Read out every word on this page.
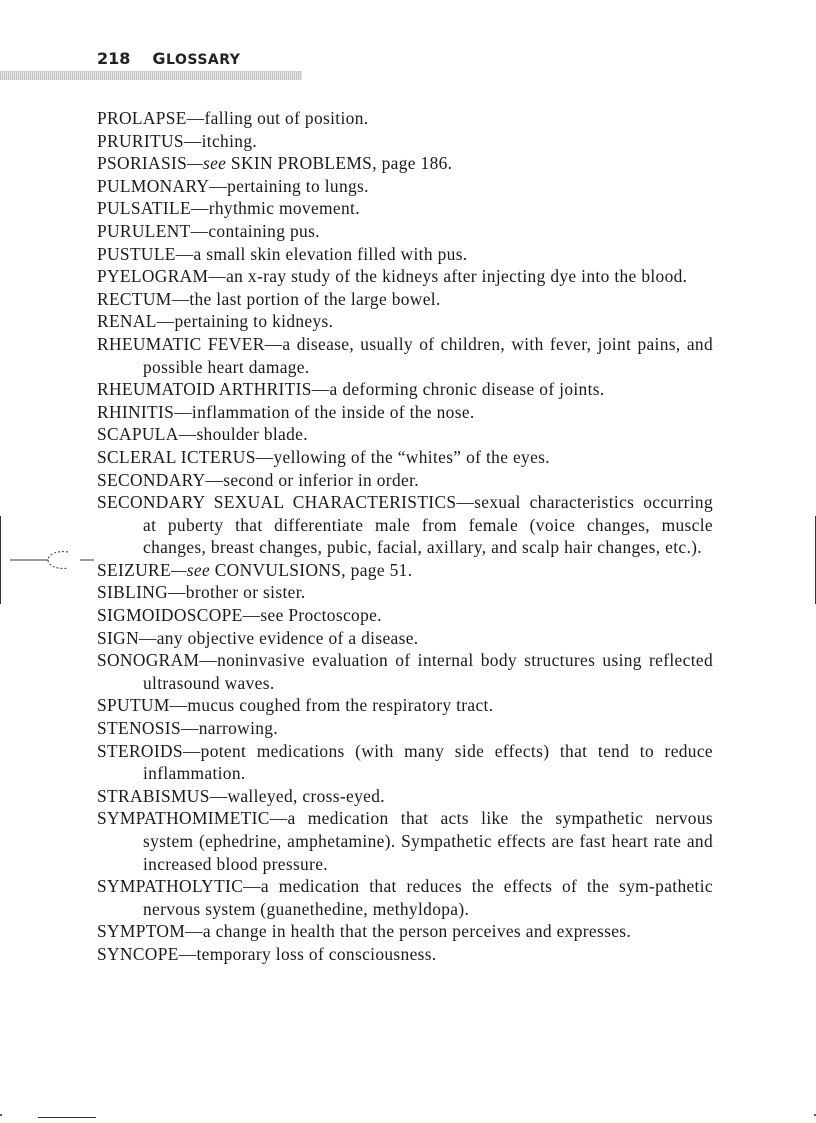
218 GLOSSARY
PROLAPSE—falling out of position.
PRURITUS—itching.
PSORIASIS—see SKIN PROBLEMS, page 186.
PULMONARY—pertaining to lungs.
PULSATILE—rhythmic movement.
PURULENT—containing pus.
PUSTULE—a small skin elevation filled with pus.
PYELOGRAM—an x-ray study of the kidneys after injecting dye into the blood.
RECTUM—the last portion of the large bowel.
RENAL—pertaining to kidneys.
RHEUMATIC FEVER—a disease, usually of children, with fever, joint pains, and possible heart damage.
RHEUMATOID ARTHRITIS—a deforming chronic disease of joints.
RHINITIS—inflammation of the inside of the nose.
SCAPULA—shoulder blade.
SCLERAL ICTERUS—yellowing of the “whites” of the eyes.
SECONDARY—second or inferior in order.
SECONDARY SEXUAL CHARACTERISTICS—sexual characteristics occurring at puberty that differentiate male from female (voice changes, muscle changes, breast changes, pubic, facial, axillary, and scalp hair changes, etc.).
SEIZURE—see CONVULSIONS, page 51.
SIBLING—brother or sister.
SIGMOIDOSCOPE—see Proctoscope.
SIGN—any objective evidence of a disease.
SONOGRAM—noninvasive evaluation of internal body structures using reflected ultrasound waves.
SPUTUM—mucus coughed from the respiratory tract.
STENOSIS—narrowing.
STEROIDS—potent medications (with many side effects) that tend to reduce inflammation.
STRABISMUS—walleyed, cross-eyed.
SYMPATHOMIMETIC—a medication that acts like the sympathetic nervous system (ephedrine, amphetamine). Sympathetic effects are fast heart rate and increased blood pressure.
SYMPATHOLYTIC—a medication that reduces the effects of the sym-pathetic nervous system (guanethedine, methyldopa).
SYMPTOM—a change in health that the person perceives and expresses.
SYNCOPE—temporary loss of consciousness.
